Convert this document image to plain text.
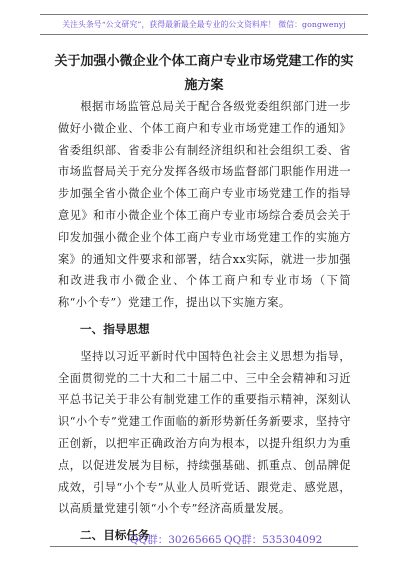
关注头条号“公文研究”，获得最新最全最专业的公文资料库！ 微信：gongwenyj
关于加强小微企业个体工商户专业市场党建工作的实施方案

根据市场监管总局关于配合各级党委组织部门进一步做好小微企业、个体工商户和专业市场党建工作的通知》省委组织部、省委非公有制经济组织和社会组织工委、省市场监督局关于充分发挥各级市场监督部门职能作用进一步加强全省小微企业个体工商户专业市场党建工作的指导意见》和市小微企业个体工商户专业市场综合委员会关于印发加强小微企业个体工商户专业市场党建工作的实施方案》的通知文件要求和部署，结合xx实际，就进一步加强和改进我市小微企业、个体工商户和专业市场（下简称“小个专”）党建工作，提出以下实施方案。

一、指导思想

坚持以习近平新时代中国特色社会主义思想为指导，全面贯彻党的二十大和二十届二中、三中全会精神和习近平总书记关于非公有制党建工作的重要指示精神，深刻认识“小个专”党建工作面临的新形势新任务新要求，坚持守正创新，以把牢正确政治方向为根本，以提升组织力为重点，以促进发展为目标，持续强基础、抓重点、创品牌促成效，引导“小个专”从业人员听党话、跟党走、感党恩，以高质量党建引领“小个专”经济高质量发展。

二、目标任务
QQ群：30265665 QQ群：535304092
